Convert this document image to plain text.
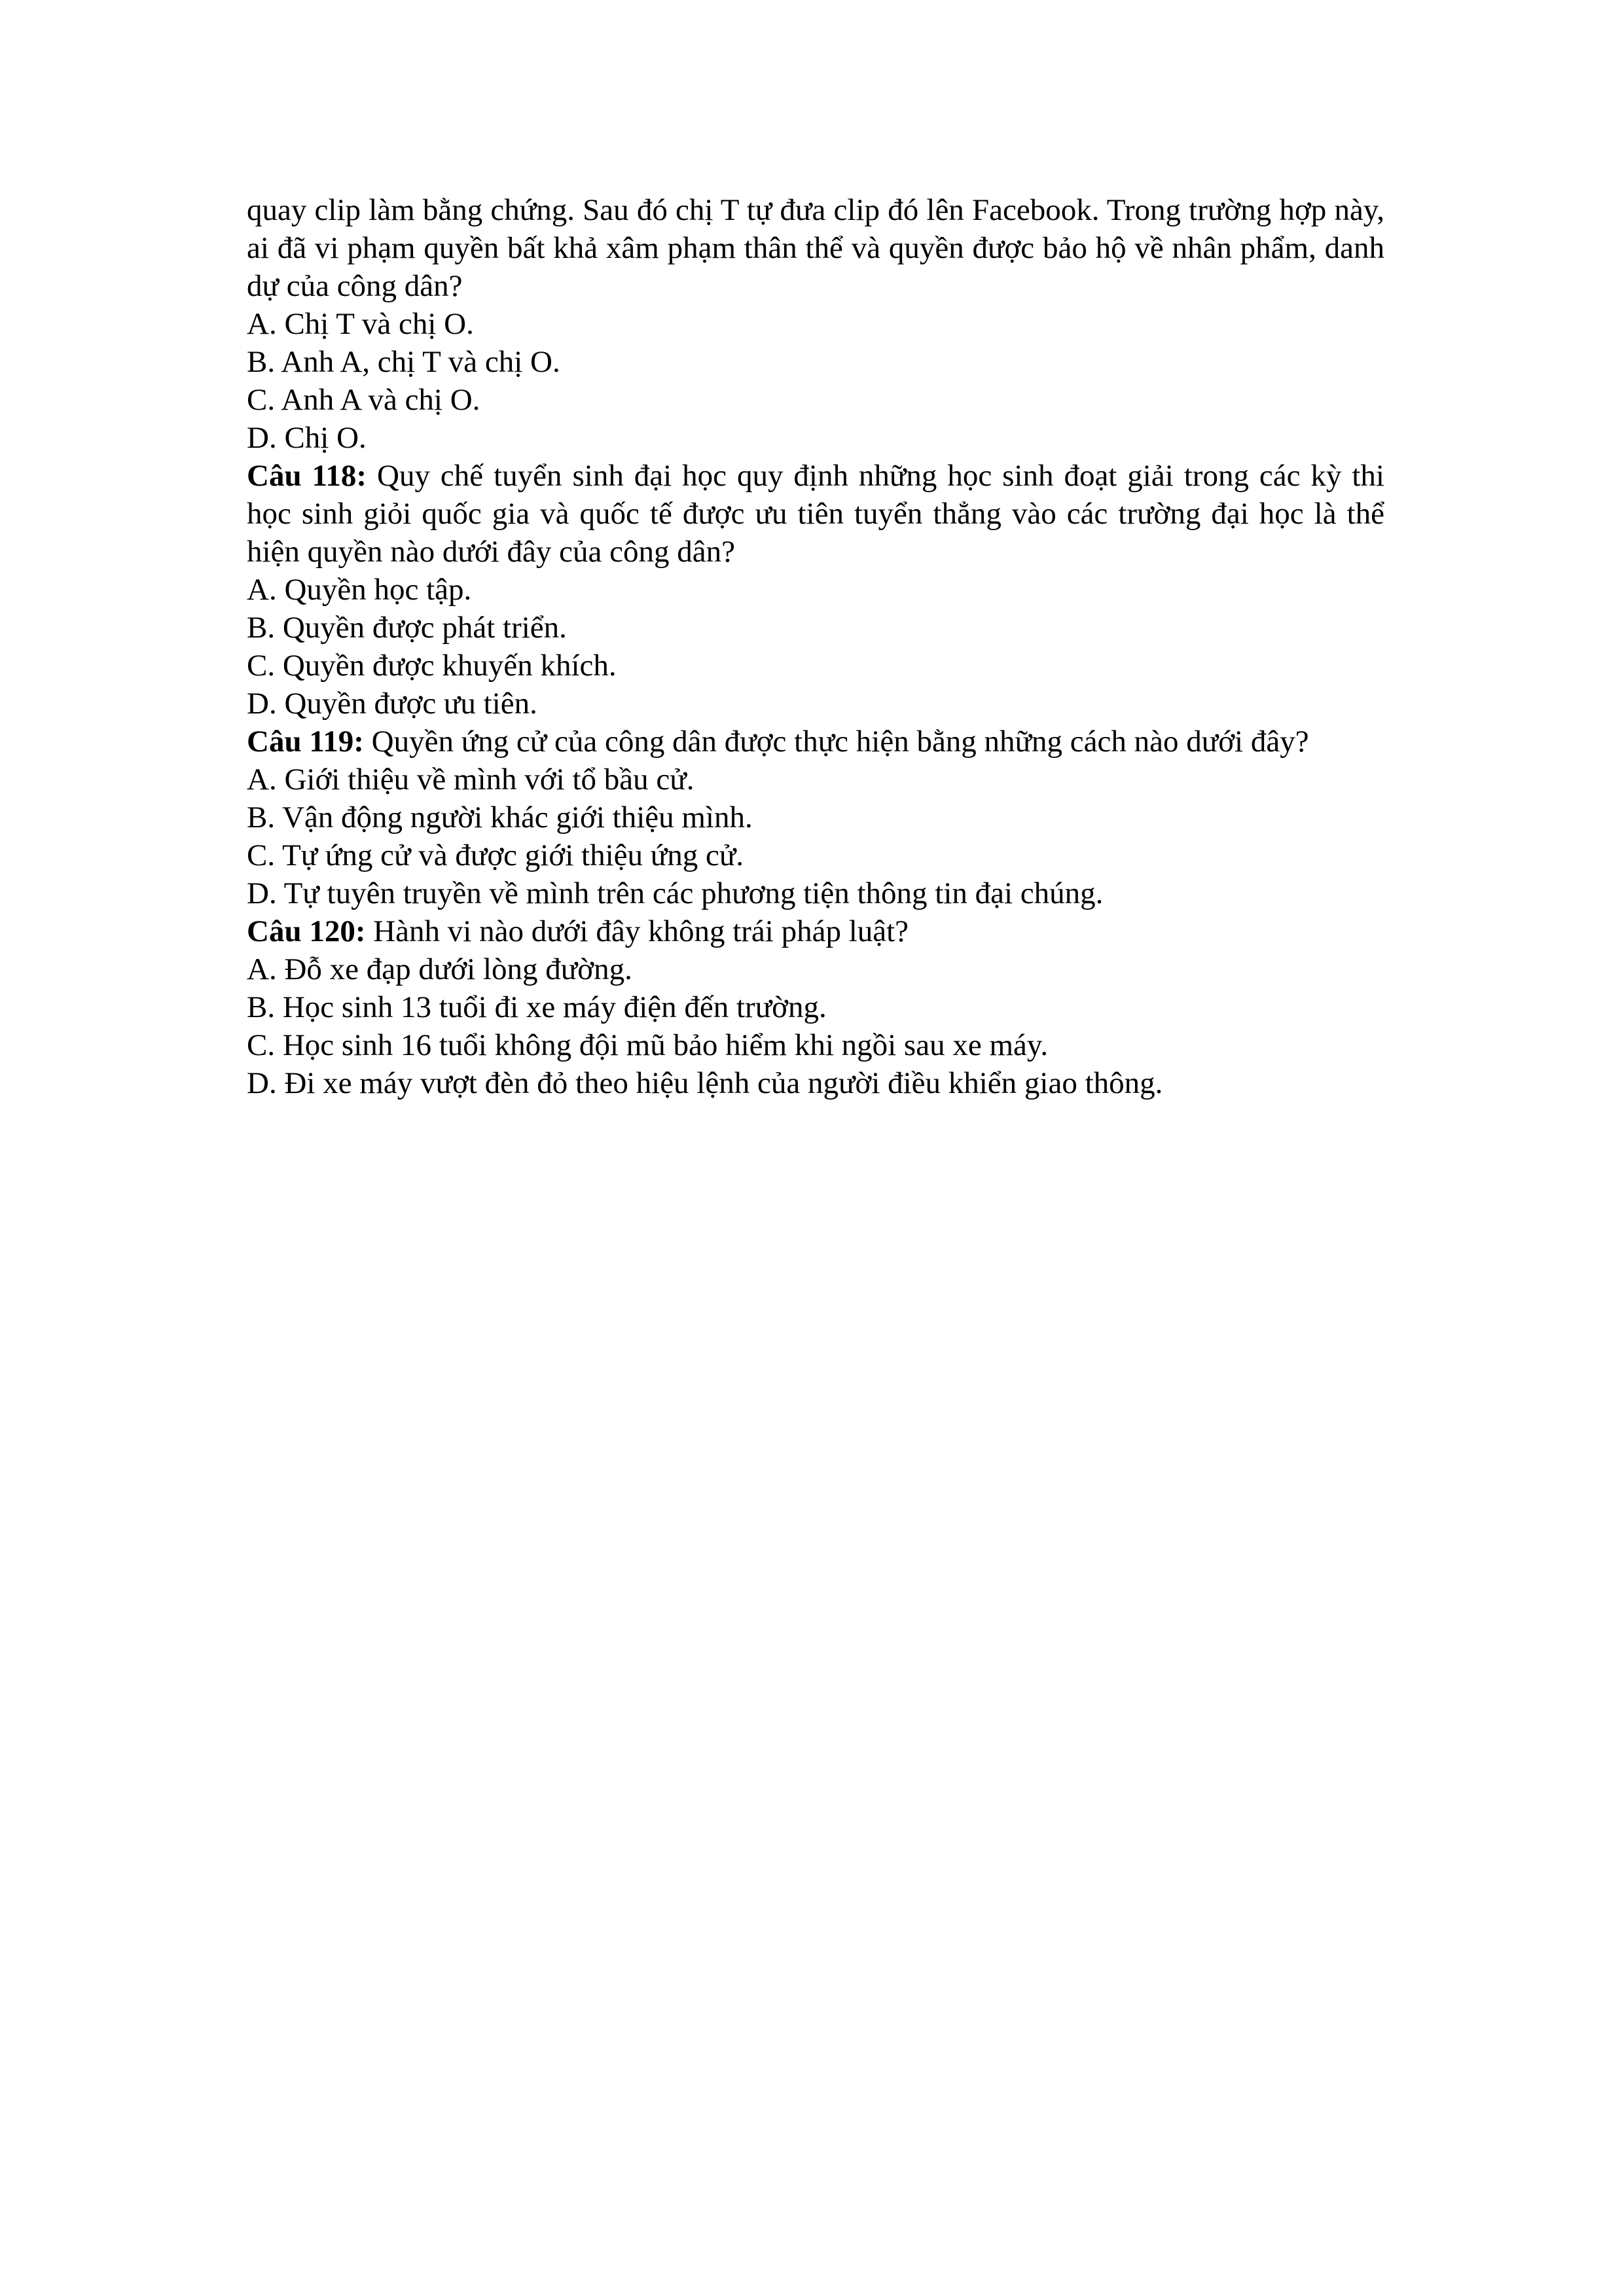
quay clip làm bằng chứng. Sau đó chị T tự đưa clip đó lên Facebook. Trong trường hợp này, ai đã vi phạm quyền bất khả xâm phạm thân thể và quyền được bảo hộ về nhân phẩm, danh dự của công dân?

A. Chị T và chị O.

B. Anh A, chị T và chị O.

C. Anh A và chị O.

D. Chị O.

Câu 118: Quy chế tuyển sinh đại học quy định những học sinh đoạt giải trong các kỳ thi học sinh giỏi quốc gia và quốc tế được ưu tiên tuyển thẳng vào các trường đại học là thể hiện quyền nào dưới đây của công dân?

A. Quyền học tập.

B. Quyền được phát triển.

C. Quyền được khuyến khích.

D. Quyền được ưu tiên.

Câu 119: Quyền ứng cử của công dân được thực hiện bằng những cách nào dưới đây?

A. Giới thiệu về mình với tổ bầu cử.

B. Vận động người khác giới thiệu mình.

C. Tự ứng cử và được giới thiệu ứng cử.

D. Tự tuyên truyền về mình trên các phương tiện thông tin đại chúng.

Câu 120: Hành vi nào dưới đây không trái pháp luật?

A. Đỗ xe đạp dưới lòng đường.

B. Học sinh 13 tuổi đi xe máy điện đến trường.

C. Học sinh 16 tuổi không đội mũ bảo hiểm khi ngồi sau xe máy.

D. Đi xe máy vượt đèn đỏ theo hiệu lệnh của người điều khiển giao thông.
